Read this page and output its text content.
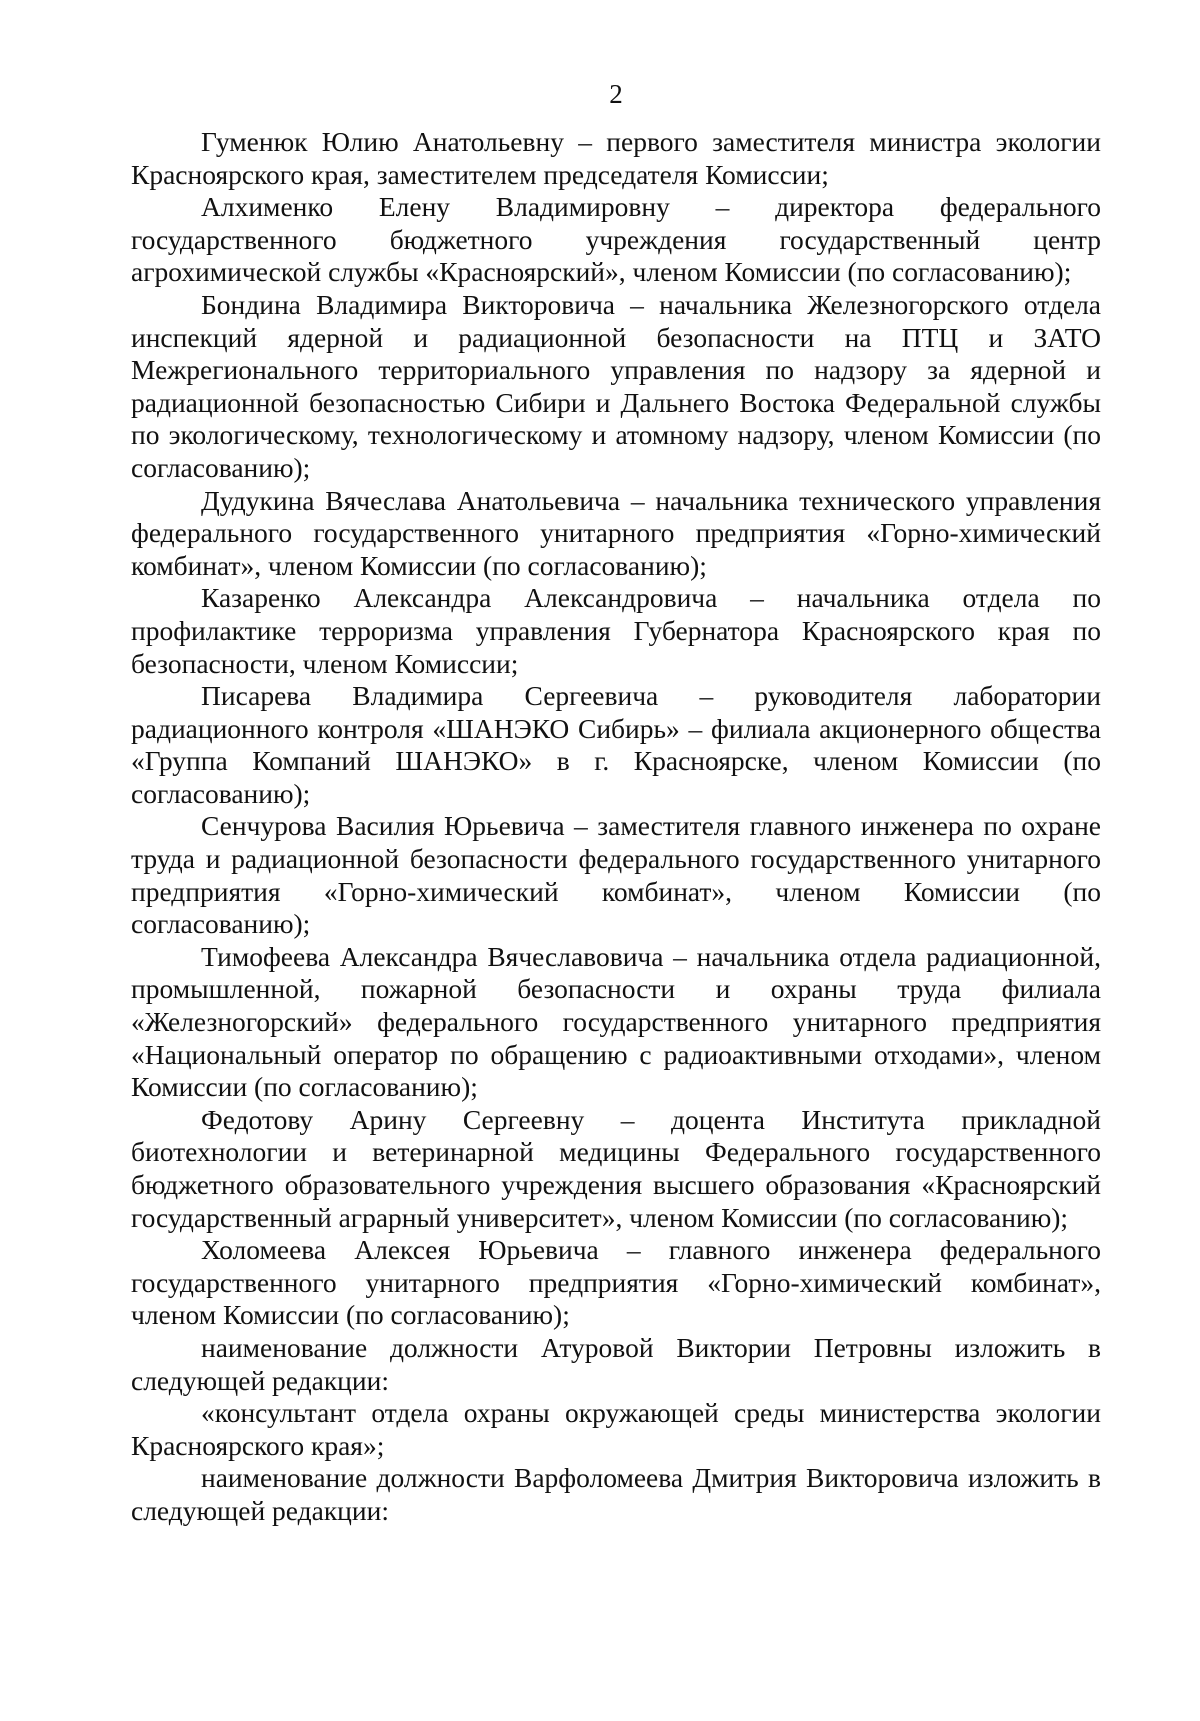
2

Гуменюк Юлию Анатольевну – первого заместителя министра экологии Красноярского края, заместителем председателя Комиссии;

Алхименко Елену Владимировну – директора федерального государственного бюджетного учреждения государственный центр агрохимической службы «Красноярский», членом Комиссии (по согласованию);

Бондина Владимира Викторовича – начальника Железногорского отдела инспекций ядерной и радиационной безопасности на ПТЦ и ЗАТО Межрегионального территориального управления по надзору за ядерной и радиационной безопасностью Сибири и Дальнего Востока Федеральной службы по экологическому, технологическому и атомному надзору, членом Комиссии (по согласованию);

Дудукина Вячеслава Анатольевича – начальника технического управления федерального государственного унитарного предприятия «Горно-химический комбинат», членом Комиссии (по согласованию);

Казаренко Александра Александровича – начальника отдела по профилактике терроризма управления Губернатора Красноярского края по безопасности, членом Комиссии;

Писарева Владимира Сергеевича – руководителя лаборатории радиационного контроля «ШАНЭКО Сибирь» – филиала акционерного общества «Группа Компаний ШАНЭКО» в г. Красноярске, членом Комиссии (по согласованию);

Сенчурова Василия Юрьевича – заместителя главного инженера по охране труда и радиационной безопасности федерального государственного унитарного предприятия «Горно-химический комбинат», членом Комиссии (по согласованию);

Тимофеева Александра Вячеславовича – начальника отдела радиационной, промышленной, пожарной безопасности и охраны труда филиала «Железногорский» федерального государственного унитарного предприятия «Национальный оператор по обращению с радиоактивными отходами», членом Комиссии (по согласованию);

Федотову Арину Сергеевну – доцента Института прикладной биотехнологии и ветеринарной медицины Федерального государственного бюджетного образовательного учреждения высшего образования «Красноярский государственный аграрный университет», членом Комиссии (по согласованию);

Холомеева Алексея Юрьевича – главного инженера федерального государственного унитарного предприятия «Горно-химический комбинат», членом Комиссии (по согласованию);

наименование должности Атуровой Виктории Петровны изложить в следующей редакции:

«консультант отдела охраны окружающей среды министерства экологии Красноярского края»;

наименование должности Варфоломеева Дмитрия Викторовича изложить в следующей редакции:
